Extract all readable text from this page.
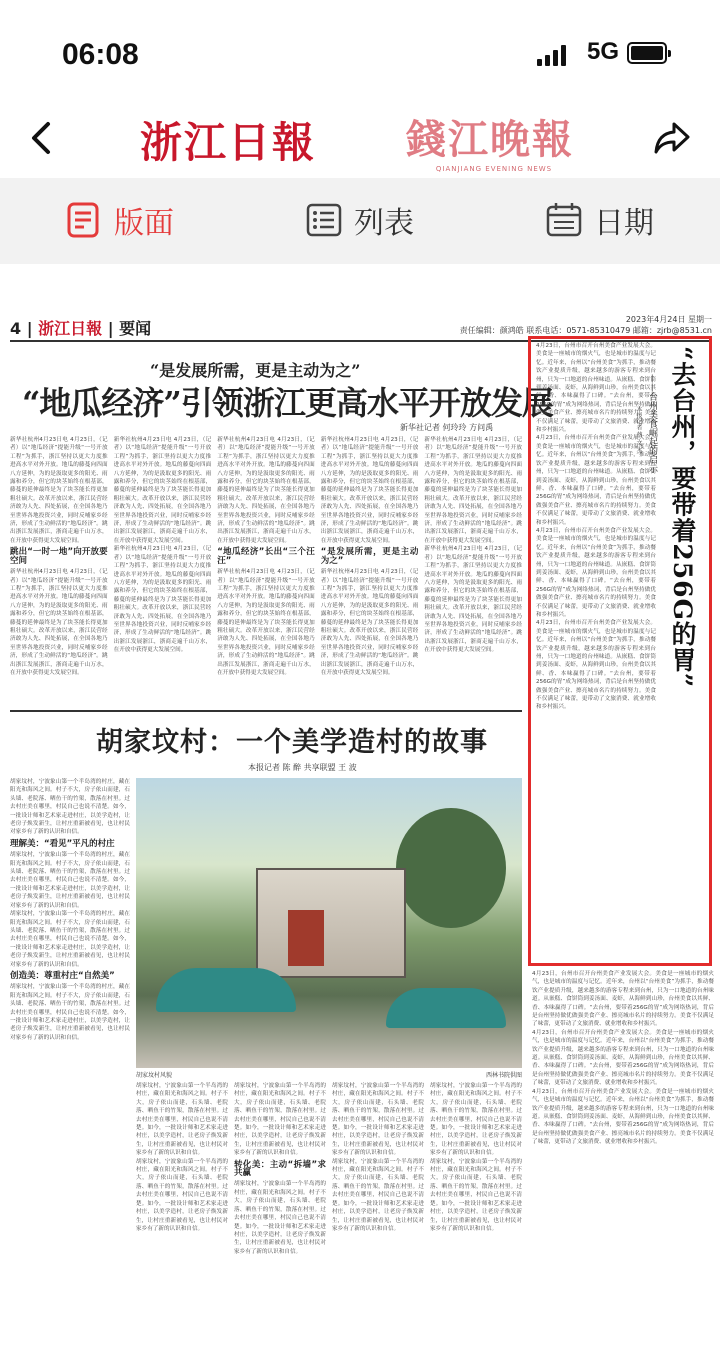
06:08	5G
浙江日報 錢江晚報
QIANJIANG EVENING NEWS
版面	列表	日期
4 | 浙江日報 | 要闻	2023年4月24日 星期一
责任编辑：颜鸿皓 联系电话：0571-85310479 邮箱：zjrb@8531.cn
“是发展所需，更是主动为之”
“地瓜经济”引领浙江更高水平开放发展
新华社记者 何玲玲 方问禹
新华社杭州4月23日电 4月23日，（记者）以“地瓜经济”提能升级“一号开放工程”为抓手，浙江坚持以更大力度推进高水平对外开放。地瓜的藤蔓向四面八方延伸，为的是汲取更多的阳光、雨露和养分，但它的块茎始终在根基部，藤蔓的延伸最终是为了块茎能长得更加粗壮硕大。改革开放以来，浙江民营经济敢为人先、四处拓展，在全国各地乃至世界各地投资兴业，同时反哺家乡经济，形成了生动鲜活的“地瓜经济”。跳出浙江发展浙江，浙商走遍千山万水，在开放中获得更大发展空间。
跳出“一时一地”向开放要空间
新华社杭州4月23日电 4月23日，（记者）以“地瓜经济”提能升级“一号开放工程”为抓手，浙江坚持以更大力度推进高水平对外开放。地瓜的藤蔓向四面八方延伸，为的是汲取更多的阳光、雨露和养分，但它的块茎始终在根基部，藤蔓的延伸最终是为了块茎能长得更加粗壮硕大。改革开放以来，浙江民营经济敢为人先、四处拓展，在全国各地乃至世界各地投资兴业，同时反哺家乡经济，形成了生动鲜活的“地瓜经济”。跳出浙江发展浙江，浙商走遍千山万水，在开放中获得更大发展空间。
新华社杭州4月23日电 4月23日，（记者）以“地瓜经济”提能升级“一号开放工程”为抓手，浙江坚持以更大力度推进高水平对外开放。地瓜的藤蔓向四面八方延伸，为的是汲取更多的阳光、雨露和养分，但它的块茎始终在根基部，藤蔓的延伸最终是为了块茎能长得更加粗壮硕大。改革开放以来，浙江民营经济敢为人先、四处拓展，在全国各地乃至世界各地投资兴业，同时反哺家乡经济，形成了生动鲜活的“地瓜经济”。跳出浙江发展浙江，浙商走遍千山万水，在开放中获得更大发展空间。
新华社杭州4月23日电 4月23日，（记者）以“地瓜经济”提能升级“一号开放工程”为抓手，浙江坚持以更大力度推进高水平对外开放。地瓜的藤蔓向四面八方延伸，为的是汲取更多的阳光、雨露和养分，但它的块茎始终在根基部，藤蔓的延伸最终是为了块茎能长得更加粗壮硕大。改革开放以来，浙江民营经济敢为人先、四处拓展，在全国各地乃至世界各地投资兴业，同时反哺家乡经济，形成了生动鲜活的“地瓜经济”。跳出浙江发展浙江，浙商走遍千山万水，在开放中获得更大发展空间。
新华社杭州4月23日电 4月23日，（记者）以“地瓜经济”提能升级“一号开放工程”为抓手，浙江坚持以更大力度推进高水平对外开放。地瓜的藤蔓向四面八方延伸，为的是汲取更多的阳光、雨露和养分，但它的块茎始终在根基部，藤蔓的延伸最终是为了块茎能长得更加粗壮硕大。改革开放以来，浙江民营经济敢为人先、四处拓展，在全国各地乃至世界各地投资兴业，同时反哺家乡经济，形成了生动鲜活的“地瓜经济”。跳出浙江发展浙江，浙商走遍千山万水，在开放中获得更大发展空间。
“地瓜经济”长出“三个汪汪”
新华社杭州4月23日电 4月23日，（记者）以“地瓜经济”提能升级“一号开放工程”为抓手，浙江坚持以更大力度推进高水平对外开放。地瓜的藤蔓向四面八方延伸，为的是汲取更多的阳光、雨露和养分，但它的块茎始终在根基部，藤蔓的延伸最终是为了块茎能长得更加粗壮硕大。改革开放以来，浙江民营经济敢为人先、四处拓展，在全国各地乃至世界各地投资兴业，同时反哺家乡经济，形成了生动鲜活的“地瓜经济”。跳出浙江发展浙江，浙商走遍千山万水，在开放中获得更大发展空间。
新华社杭州4月23日电 4月23日，（记者）以“地瓜经济”提能升级“一号开放工程”为抓手，浙江坚持以更大力度推进高水平对外开放。地瓜的藤蔓向四面八方延伸，为的是汲取更多的阳光、雨露和养分，但它的块茎始终在根基部，藤蔓的延伸最终是为了块茎能长得更加粗壮硕大。改革开放以来，浙江民营经济敢为人先、四处拓展，在全国各地乃至世界各地投资兴业，同时反哺家乡经济，形成了生动鲜活的“地瓜经济”。跳出浙江发展浙江，浙商走遍千山万水，在开放中获得更大发展空间。
“是发展所需，更是主动为之”
新华社杭州4月23日电 4月23日，（记者）以“地瓜经济”提能升级“一号开放工程”为抓手，浙江坚持以更大力度推进高水平对外开放。地瓜的藤蔓向四面八方延伸，为的是汲取更多的阳光、雨露和养分，但它的块茎始终在根基部，藤蔓的延伸最终是为了块茎能长得更加粗壮硕大。改革开放以来，浙江民营经济敢为人先、四处拓展，在全国各地乃至世界各地投资兴业，同时反哺家乡经济，形成了生动鲜活的“地瓜经济”。跳出浙江发展浙江，浙商走遍千山万水，在开放中获得更大发展空间。
新华社杭州4月23日电 4月23日，（记者）以“地瓜经济”提能升级“一号开放工程”为抓手，浙江坚持以更大力度推进高水平对外开放。地瓜的藤蔓向四面八方延伸，为的是汲取更多的阳光、雨露和养分，但它的块茎始终在根基部，藤蔓的延伸最终是为了块茎能长得更加粗壮硕大。改革开放以来，浙江民营经济敢为人先、四处拓展，在全国各地乃至世界各地投资兴业，同时反哺家乡经济，形成了生动鲜活的“地瓜经济”。跳出浙江发展浙江，浙商走遍千山万水，在开放中获得更大发展空间。
新华社杭州4月23日电 4月23日，（记者）以“地瓜经济”提能升级“一号开放工程”为抓手，浙江坚持以更大力度推进高水平对外开放。地瓜的藤蔓向四面八方延伸，为的是汲取更多的阳光、雨露和养分，但它的块茎始终在根基部，藤蔓的延伸最终是为了块茎能长得更加粗壮硕大。改革开放以来，浙江民营经济敢为人先、四处拓展，在全国各地乃至世界各地投资兴业，同时反哺家乡经济，形成了生动鲜活的“地瓜经济”。跳出浙江发展浙江，浙商走遍千山万水，在开放中获得更大发展空间。
胡家坟村：一个美学造村的故事
本报记者 陈 醉 共享联盟 王 波
胡家坟村，宁波象山第一个半岛湾的村庄，藏在阳光和海风之间。村子不大，房子依山而建，石头墙、老院落、晒鱼干的竹架，散落在村里。过去村庄美在哪里，村民自己也说不清楚。如今，一批设计师和艺术家走进村庄，以美学造村，让老房子焕发新生，让村庄重新被看见，也让村民对家乡有了新的认识和自信。
理解美：“看见”平凡的村庄
胡家坟村，宁波象山第一个半岛湾的村庄，藏在阳光和海风之间。村子不大，房子依山而建，石头墙、老院落、晒鱼干的竹架，散落在村里。过去村庄美在哪里，村民自己也说不清楚。如今，一批设计师和艺术家走进村庄，以美学造村，让老房子焕发新生，让村庄重新被看见，也让村民对家乡有了新的认识和自信。
胡家坟村，宁波象山第一个半岛湾的村庄，藏在阳光和海风之间。村子不大，房子依山而建，石头墙、老院落、晒鱼干的竹架，散落在村里。过去村庄美在哪里，村民自己也说不清楚。如今，一批设计师和艺术家走进村庄，以美学造村，让老房子焕发新生，让村庄重新被看见，也让村民对家乡有了新的认识和自信。
创造美：尊重村庄“自然美”
胡家坟村，宁波象山第一个半岛湾的村庄，藏在阳光和海风之间。村子不大，房子依山而建，石头墙、老院落、晒鱼干的竹架，散落在村里。过去村庄美在哪里，村民自己也说不清楚。如今，一批设计师和艺术家走进村庄，以美学造村，让老房子焕发新生，让村庄重新被看见，也让村民对家乡有了新的认识和自信。
胡家坟村风貌	西林书院供图
胡家坟村，宁波象山第一个半岛湾的村庄，藏在阳光和海风之间。村子不大，房子依山而建，石头墙、老院落、晒鱼干的竹架，散落在村里。过去村庄美在哪里，村民自己也说不清楚。如今，一批设计师和艺术家走进村庄，以美学造村，让老房子焕发新生，让村庄重新被看见，也让村民对家乡有了新的认识和自信。
胡家坟村，宁波象山第一个半岛湾的村庄，藏在阳光和海风之间。村子不大，房子依山而建，石头墙、老院落、晒鱼干的竹架，散落在村里。过去村庄美在哪里，村民自己也说不清楚。如今，一批设计师和艺术家走进村庄，以美学造村，让老房子焕发新生，让村庄重新被看见，也让村民对家乡有了新的认识和自信。
胡家坟村，宁波象山第一个半岛湾的村庄，藏在阳光和海风之间。村子不大，房子依山而建，石头墙、老院落、晒鱼干的竹架，散落在村里。过去村庄美在哪里，村民自己也说不清楚。如今，一批设计师和艺术家走进村庄，以美学造村，让老房子焕发新生，让村庄重新被看见，也让村民对家乡有了新的认识和自信。
转化美：主动“拆墙”求共赢
胡家坟村，宁波象山第一个半岛湾的村庄，藏在阳光和海风之间。村子不大，房子依山而建，石头墙、老院落、晒鱼干的竹架，散落在村里。过去村庄美在哪里，村民自己也说不清楚。如今，一批设计师和艺术家走进村庄，以美学造村，让老房子焕发新生，让村庄重新被看见，也让村民对家乡有了新的认识和自信。
胡家坟村，宁波象山第一个半岛湾的村庄，藏在阳光和海风之间。村子不大，房子依山而建，石头墙、老院落、晒鱼干的竹架，散落在村里。过去村庄美在哪里，村民自己也说不清楚。如今，一批设计师和艺术家走进村庄，以美学造村，让老房子焕发新生，让村庄重新被看见，也让村民对家乡有了新的认识和自信。
胡家坟村，宁波象山第一个半岛湾的村庄，藏在阳光和海风之间。村子不大，房子依山而建，石头墙、老院落、晒鱼干的竹架，散落在村里。过去村庄美在哪里，村民自己也说不清楚。如今，一批设计师和艺术家走进村庄，以美学造村，让老房子焕发新生，让村庄重新被看见，也让村民对家乡有了新的认识和自信。
胡家坟村，宁波象山第一个半岛湾的村庄，藏在阳光和海风之间。村子不大，房子依山而建，石头墙、老院落、晒鱼干的竹架，散落在村里。过去村庄美在哪里，村民自己也说不清楚。如今，一批设计师和艺术家走进村庄，以美学造村，让老房子焕发新生，让村庄重新被看见，也让村民对家乡有了新的认识和自信。
胡家坟村，宁波象山第一个半岛湾的村庄，藏在阳光和海风之间。村子不大，房子依山而建，石头墙、老院落、晒鱼干的竹架，散落在村里。过去村庄美在哪里，村民自己也说不清楚。如今，一批设计师和艺术家走进村庄，以美学造村，让老房子焕发新生，让村庄重新被看见，也让村民对家乡有了新的认识和自信。
4月23日，台州市召开台州美食产业发展大会。美食是一座城市的烟火气，也是城市的温度与记忆。近年来，台州以“台州美食”为抓手，推动餐饮产业提质升级，越来越多的游客专程来到台州，只为一口地道的台州味道。从嵌糕、食饼筒到姜汤面、麦虾，从海鲜到山珍，台州美食以其鲜、香、本味赢得了口碑。“去台州，要带着256G的胃”成为网络热词，背后是台州坚持做优做强美食产业、擦亮城市名片的持续努力。美食不仅满足了味蕾，更带动了文旅消费、就业增收和乡村振兴。
4月23日，台州市召开台州美食产业发展大会。美食是一座城市的烟火气，也是城市的温度与记忆。近年来，台州以“台州美食”为抓手，推动餐饮产业提质升级，越来越多的游客专程来到台州，只为一口地道的台州味道。从嵌糕、食饼筒到姜汤面、麦虾，从海鲜到山珍，台州美食以其鲜、香、本味赢得了口碑。“去台州，要带着256G的胃”成为网络热词，背后是台州坚持做优做强美食产业、擦亮城市名片的持续努力。美食不仅满足了味蕾，更带动了文旅消费、就业增收和乡村振兴。
4月23日，台州市召开台州美食产业发展大会。美食是一座城市的烟火气，也是城市的温度与记忆。近年来，台州以“台州美食”为抓手，推动餐饮产业提质升级，越来越多的游客专程来到台州，只为一口地道的台州味道。从嵌糕、食饼筒到姜汤面、麦虾，从海鲜到山珍，台州美食以其鲜、香、本味赢得了口碑。“去台州，要带着256G的胃”成为网络热词，背后是台州坚持做优做强美食产业、擦亮城市名片的持续努力。美食不仅满足了味蕾，更带动了文旅消费、就业增收和乡村振兴。
4月23日，台州市召开台州美食产业发展大会。美食是一座城市的烟火气，也是城市的温度与记忆。近年来，台州以“台州美食”为抓手，推动餐饮产业提质升级，越来越多的游客专程来到台州，只为一口地道的台州味道。从嵌糕、食饼筒到姜汤面、麦虾，从海鲜到山珍，台州美食以其鲜、香、本味赢得了口碑。“去台州，要带着256G的胃”成为网络热词，背后是台州坚持做优做强美食产业、擦亮城市名片的持续努力。美食不仅满足了味蕾，更带动了文旅消费、就业增收和乡村振兴。
“去台州，要带着256G的胃”
——台州美食崛起的启示
本报记者 蔡 文 杰
4月23日，台州市召开台州美食产业发展大会。美食是一座城市的烟火气，也是城市的温度与记忆。近年来，台州以“台州美食”为抓手，推动餐饮产业提质升级，越来越多的游客专程来到台州，只为一口地道的台州味道。从嵌糕、食饼筒到姜汤面、麦虾，从海鲜到山珍，台州美食以其鲜、香、本味赢得了口碑。“去台州，要带着256G的胃”成为网络热词，背后是台州坚持做优做强美食产业、擦亮城市名片的持续努力。美食不仅满足了味蕾，更带动了文旅消费、就业增收和乡村振兴。
4月23日，台州市召开台州美食产业发展大会。美食是一座城市的烟火气，也是城市的温度与记忆。近年来，台州以“台州美食”为抓手，推动餐饮产业提质升级，越来越多的游客专程来到台州，只为一口地道的台州味道。从嵌糕、食饼筒到姜汤面、麦虾，从海鲜到山珍，台州美食以其鲜、香、本味赢得了口碑。“去台州，要带着256G的胃”成为网络热词，背后是台州坚持做优做强美食产业、擦亮城市名片的持续努力。美食不仅满足了味蕾，更带动了文旅消费、就业增收和乡村振兴。
4月23日，台州市召开台州美食产业发展大会。美食是一座城市的烟火气，也是城市的温度与记忆。近年来，台州以“台州美食”为抓手，推动餐饮产业提质升级，越来越多的游客专程来到台州，只为一口地道的台州味道。从嵌糕、食饼筒到姜汤面、麦虾，从海鲜到山珍，台州美食以其鲜、香、本味赢得了口碑。“去台州，要带着256G的胃”成为网络热词，背后是台州坚持做优做强美食产业、擦亮城市名片的持续努力。美食不仅满足了味蕾，更带动了文旅消费、就业增收和乡村振兴。
